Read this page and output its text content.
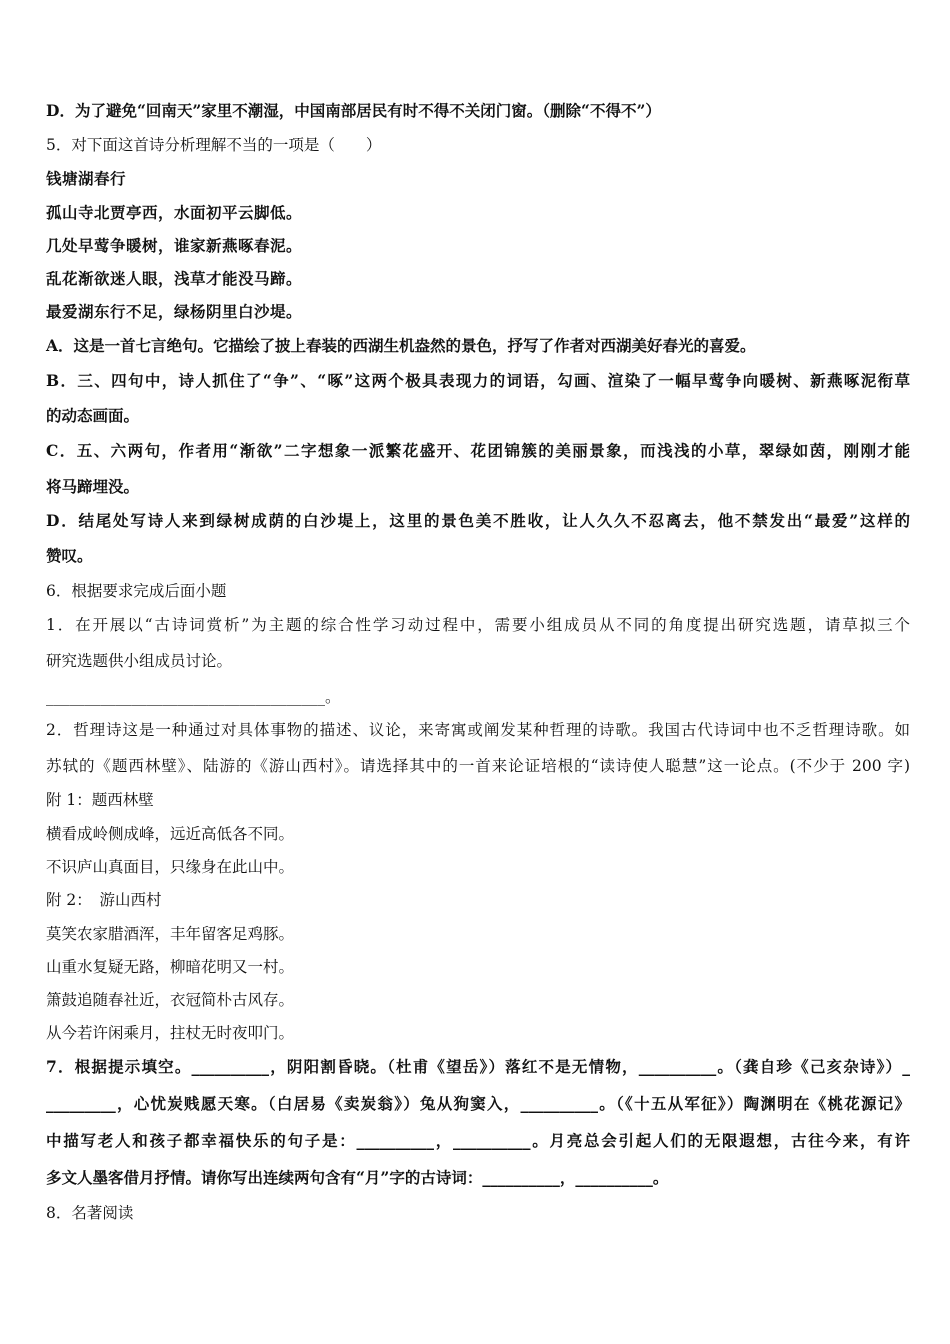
D．为了避免“回南天”家里不潮湿，中国南部居民有时不得不关闭门窗。（删除“不得不”）
5．对下面这首诗分析理解不当的一项是（　　）
钱塘湖春行
孤山寺北贾亭西，水面初平云脚低。
几处早莺争暖树，谁家新燕啄春泥。
乱花渐欲迷人眼，浅草才能没马蹄。
最爱湖东行不足，绿杨阴里白沙堤。
A．这是一首七言绝句。它描绘了披上春装的西湖生机盎然的景色，抒写了作者对西湖美好春光的喜爱。
B．三、四句中，诗人抓住了“争”、“啄”这两个极具表现力的词语，勾画、渲染了一幅早莺争向暖树、新燕啄泥衔草
的动态画面。
C．五、六两句，作者用“渐欲”二字想象一派繁花盛开、花团锦簇的美丽景象，而浅浅的小草，翠绿如茵，刚刚才能
将马蹄埋没。
D．结尾处写诗人来到绿树成荫的白沙堤上，这里的景色美不胜收，让人久久不忍离去，他不禁发出“最爱”这样的
赞叹。
6．根据要求完成后面小题
1．在开展以“古诗词赏析”为主题的综合性学习动过程中，需要小组成员从不同的角度提出研究选题，请草拟三个
研究选题供小组成员讨论。
____________________________________。
2．哲理诗这是一种通过对具体事物的描述、议论，来寄寓或阐发某种哲理的诗歌。我国古代诗词中也不乏哲理诗歌。如
苏轼的《题西林壁》、陆游的《游山西村》。请选择其中的一首来论证培根的“读诗使人聪慧”这一论点。(不少于 200 字)
附 1：题西林壁
横看成岭侧成峰，远近高低各不同。
不识庐山真面目，只缘身在此山中。
附 2：　游山西村
莫笑农家腊酒浑，丰年留客足鸡豚。
山重水复疑无路，柳暗花明又一村。
箫鼓追随春社近，衣冠简朴古风存。
从今若许闲乘月，拄杖无时夜叩门。
7．根据提示填空。__________，阴阳割昏晓。（杜甫《望岳》）落红不是无情物，__________。（龚自珍《己亥杂诗》）_
_________，心忧炭贱愿天寒。（白居易《卖炭翁》）兔从狗窦入，__________。（《十五从军征》）陶渊明在《桃花源记》
中描写老人和孩子都幸福快乐的句子是：__________，__________。月亮总会引起人们的无限遐想，古往今来，有许
多文人墨客借月抒情。请你写出连续两句含有“月”字的古诗词：__________，__________。
8．名著阅读
